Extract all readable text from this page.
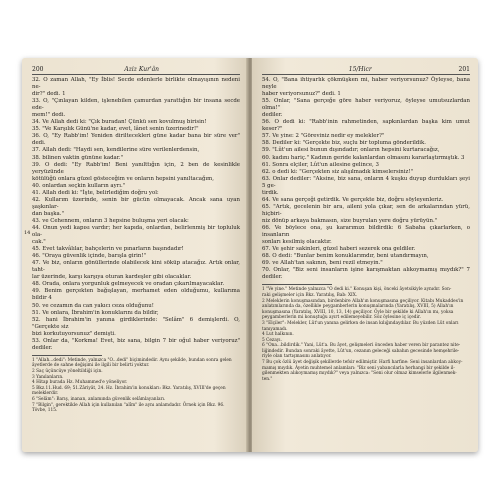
200	Aziz Kur'ân
14

32. O zaman Allah, "Ey İblis! Secde edenlerle birlikte olmayışının nedeni ne-

dir?" dedi. 1

33. O, "Çınlayan kilden, işlenebilen çamurdan yarattığın bir insana secde ede-

mem!" dedi.

34. Ve Allah dedi ki: "Çık buradan! Çünkü sen kovulmuş birisin!

35. "Ve Karşılık Günü'ne kadar, evet, lânet senin üzerinedir!"

36. O, "Ey Rabb'im! Yeniden diriltecekleri güne kadar bana bir süre ver" dedi.

37. Allah dedi: "Haydi sen, kendilerine süre verilenlerdensin,

38. bilinen vaktin gününe kadar."

39. O dedi: "Ey Rabb'im! Beni yanılttığın için, 2 ben de kesinlikle yeryüzünde

kötülüğü onlara güzel gösteceğim ve onların hepsini yanıltacağım,

40. onlardan seçkin kulların ayrı."

41. Allah dedi ki: "İşte, belirlediğim doğru yol:

42. Kullarım üzerinde, senin bir gücün olmayacak. Ancak sana uyan şaşkınlar-

dan başka."

43. ve Cehennem, onların 3 hepsine buluşma yeri olacak:

44. Onun yedi kapısı vardır; her kapıda, onlardan, belirlenmiş bir topluluk ola-

cak."

45. Evet takvâlılar, bahçelerin ve pınarların başındadır!

46. "Oraya güvenlik içinde, barışla girin!"

47. Ve biz, onların gönüllerinde olabilecek kini söküp atacağız. Artık onlar, taht-

lar üzerinde, karşı karşıya oturan kardeşler gibi olacaklar.

48. Orada, onlara yorgunluk gelmeyecek ve oradan çıkarılmayacaklar.

49. Benim gerçekten bağışlayan, merhamet eden olduğumu, kullarıma bildir 4

50. ve cezamın da can yakıcı ceza olduğunu!

51. Ve onlara, İbrahim'in konuklarını da bildir,

52. hani İbrahim'in yanına girdiklerinde: "Selâm" 6 demişlerdi. O, "Gerçekte siz

bizi korkutuyorsunuz" demişti.

53. Onlar da, "Korkma! Evet, biz sana, bilgin 7 bir oğul haber veriyoruz" dediler.

1 "Allah...dedi": Metinde, yalnızca "O...dedi" biçimindedir. Aynı şekilde, bundan sonra gelen

âyetlerde de sahne değişimi ile ilgili bir belirti yoktur.

2 Saç üçüncüye yöneltildiği için.

3 Yanılanların.

4 Hitap burada Hz. Muhammed'e yöneliyor.

5 Bkz.11.Hud. 69; 51.Zâriyât, 24. Hz. İbrahim'in konukları: Bkz. Yaratılış, XVIII'de geçen

meleklerdir.

6 "Selâm": Barış, inanan, anlamında güvenlik selâmlayanları.

7 "Bilgin", gerektikle Allah için kullanılan "alîm" ile aynı anlamdadır. Örnek için Bkz. 96.

Tövbe, 115.

15/Hicr	201

54. O, "Bana ihtiyarlık çökmüşken mi, haber veriyorsunuz? Öyleyse, bana neyle

haber veriyorsunuz?" dedi. 1

55. Onlar, "Sana gerçeğe göre haber veriyoruz, öyleyse umutsuzlardan olma!"

dediler.

56. O dedi ki: "Rabb'inin rahmetinden, sapkınlardan başka kim umut keser?"

57. Ve yine: 2 "Göreviniz nedir ey melekler?"

58. Dediler ki: "Gerçekte biz, suçlu bir topluma gönderildik.

59. "Lût'un ailesi bunun dışındadır; onların hepsini kurtaracağız,

60. kadını hariç." Kadının geride kalanlardan olmasını kararlaştırmıştık. 3

61. Sonra elçiler, Lût'un ailesine gelince, 3

62. o dedi ki: "Gerçekten siz alışılmadık kimselersiniz!"

63. Onlar dediler: "Aksine, biz sana, onların 4 kuşku duyup durdukları şeyi 5 ge-

tirdik.

64. Ve sana gerçeği getirdik. Ve gerçekte biz, doğru söyleyenleriz.

65. "Artık, gecelenin bir ara, aileni yola çıkar, sen de arkalarından yürü, hiçbiri-

niz dönüp arkaya bakmasın, size buyrulan yere doğru yürüyün."

66. Ve böylece ona, şu kararımızı bildirdik: 6 Sabaha çıkarlarken, o insanların

sonları kesilmiş olacaktır.

67. Ve şehir sakinleri, güzel haberi sezerek ona geldiler.

68. O dedi: "Bunlar benim konuklarımdır, beni utandırmayın,

69. ve Allah'tan sakının, beni rezil etmeyin."

70. Onlar, "Biz seni insanların işine karışmaktan alıkoymamış mıydık?" 7 dediler.

1 "Ve yine." Metinde yalnızca "O dedi ki." Konuşan kişi, önceki âyetsikiyle aynıdır. Son-

raki gelişmeler için Bkz. Yaratılış, Bab: XIX.

2 Meleklerin konuşmasından, birdenbire Allah'ın konuşmasına geçiliyor. Kitabı Mukaddes'in

anlatımlarında da, özellikle peygamberlerin konuşmalarında (Yaratılış, XVIII, 5) Allah'ın

konuşmasına (Yaratılış, XVIII, 10, 13, 14) geçiliyor. Öyle bir şekilde ki Allah'ın mı, yoksa

peygamberlerin mi konuştuğu ayırt edilemeyebilir. Söz öylesine iç içedir.

3 "Elçiler": Melekler, Lût'un yanına gelirken de insan kılığındaydılar. Bu yüzden Lût onları

tanıyamadı.

4 Lut halkının.

5 Cezayı.

6 "Ona...bildirdik." Yani, Lût'a. Bu âyet, gelişmeleri önceden haber veren bir parantez nite-

liğindedir. Bundan sonraki âyette, Lût'un, cezanın geleceği sabahın gecesinde hemşehrile-

riyle olan tartışmasını anlatıyor.

7 Bu çok özlü âyet değişik şekillerde tefsir edilmiştir. Harfi harfine: Seni insanlardan alıkoy-

mamış mıydık. Âyetin muhtemel anlamları: "Biz seni yabancılarla herhangi bir şekilde il-

gilenmekten alıkoymamış mıydık?" veya yalnızca: "Seni olur olmaz kimselerle ilgilenmek-

ten."
